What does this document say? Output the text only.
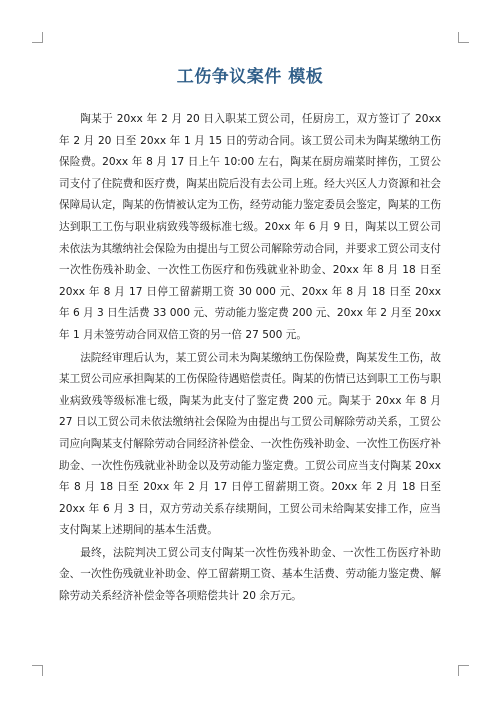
工伤争议案件 模板

陶某于 20xx 年 2 月 20 日入职某工贸公司，任厨房工，双方签订了 20xx 年 2 月 20 日至 20xx 年 1 月 15 日的劳动合同。该工贸公司未为陶某缴纳工伤保险费。20xx 年 8 月 17 日上午 10:00 左右，陶某在厨房端菜时摔伤，工贸公司支付了住院费和医疗费，陶某出院后没有去公司上班。经大兴区人力资源和社会保障局认定，陶某的伤情被认定为工伤，经劳动能力鉴定委员会鉴定，陶某的工伤达到职工工伤与职业病致残等级标准七级。20xx 年 6 月 9 日，陶某以工贸公司未依法为其缴纳社会保险为由提出与工贸公司解除劳动合同，并要求工贸公司支付一次性伤残补助金、一次性工伤医疗和伤残就业补助金、20xx 年 8 月 18 日至 20xx 年 8 月 17 日停工留薪期工资 30 000 元、20xx 年 8 月 18 日至 20xx 年 6 月 3 日生活费 33 000 元、劳动能力鉴定费 200 元、20xx 年 2 月至 20xx 年 1 月未签劳动合同双倍工资的另一倍 27 500 元。

法院经审理后认为，某工贸公司未为陶某缴纳工伤保险费，陶某发生工伤，故某工贸公司应承担陶某的工伤保险待遇赔偿责任。陶某的伤情已达到职工工伤与职业病致残等级标准七级，陶某为此支付了鉴定费 200 元。陶某于 20xx 年 8 月 27 日以工贸公司未依法缴纳社会保险为由提出与工贸公司解除劳动关系，工贸公司应向陶某支付解除劳动合同经济补偿金、一次性伤残补助金、一次性工伤医疗补助金、一次性伤残就业补助金以及劳动能力鉴定费。工贸公司应当支付陶某 20xx 年 8 月 18 日至 20xx 年 2 月 17 日停工留薪期工资。20xx 年 2 月 18 日至 20xx 年 6 月 3 日，双方劳动关系存续期间，工贸公司未给陶某安排工作，应当支付陶某上述期间的基本生活费。

最终，法院判决工贸公司支付陶某一次性伤残补助金、一次性工伤医疗补助金、一次性伤残就业补助金、停工留薪期工资、基本生活费、劳动能力鉴定费、解除劳动关系经济补偿金等各项赔偿共计 20 余万元。
